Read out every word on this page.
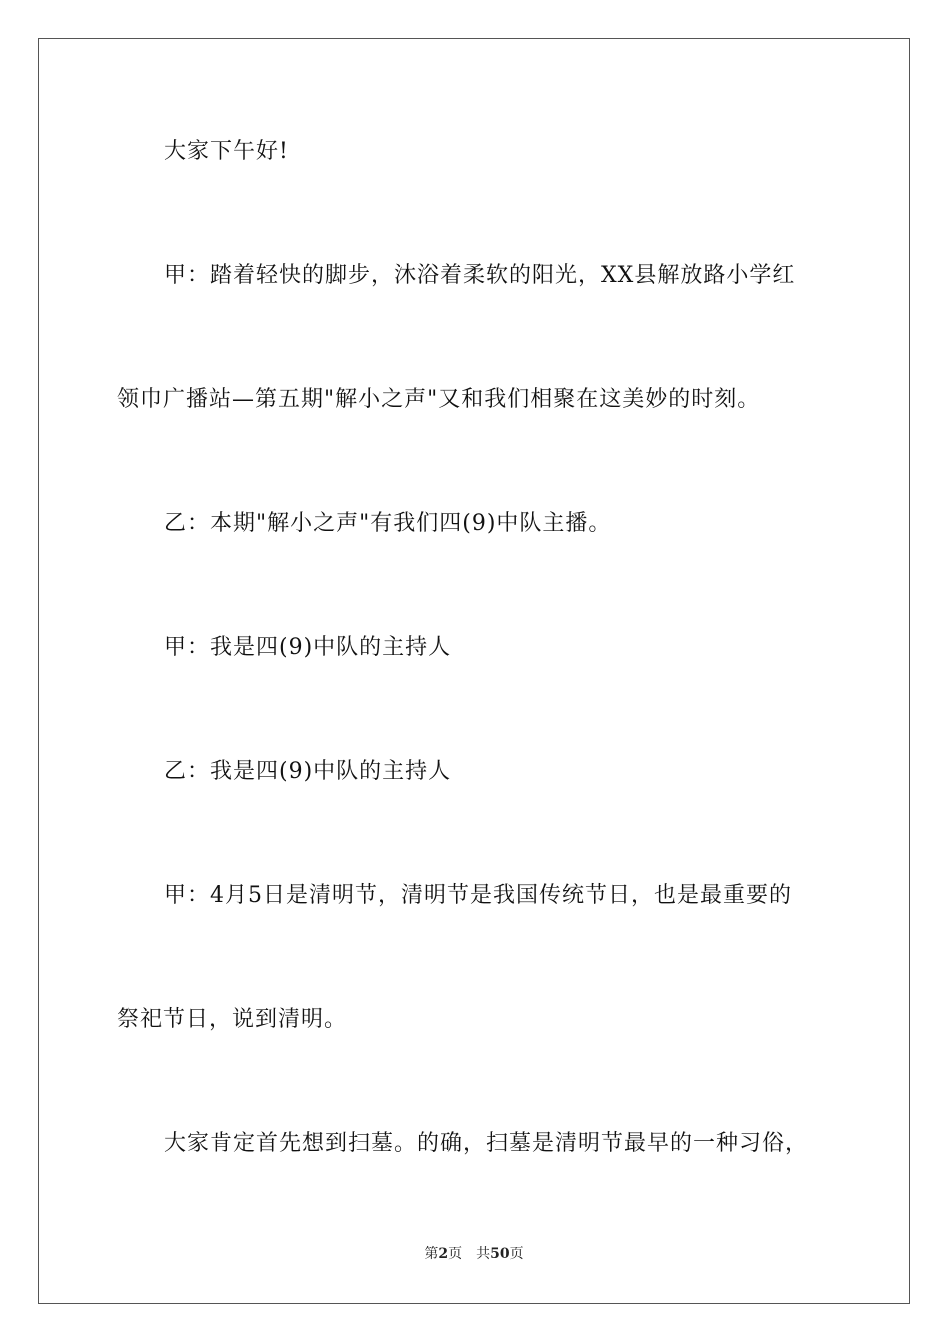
大家下午好!
甲：踏着轻快的脚步，沐浴着柔软的阳光，XX县解放路小学红
领巾广播站—第五期"解小之声"又和我们相聚在这美妙的时刻。
乙：本期"解小之声"有我们四(9)中队主播。
甲：我是四(9)中队的主持人
乙：我是四(9)中队的主持人
甲：4月5日是清明节，清明节是我国传统节日，也是最重要的
祭祀节日，说到清明。
大家肯定首先想到扫墓。的确，扫墓是清明节最早的一种习俗，
第2页 共50页
